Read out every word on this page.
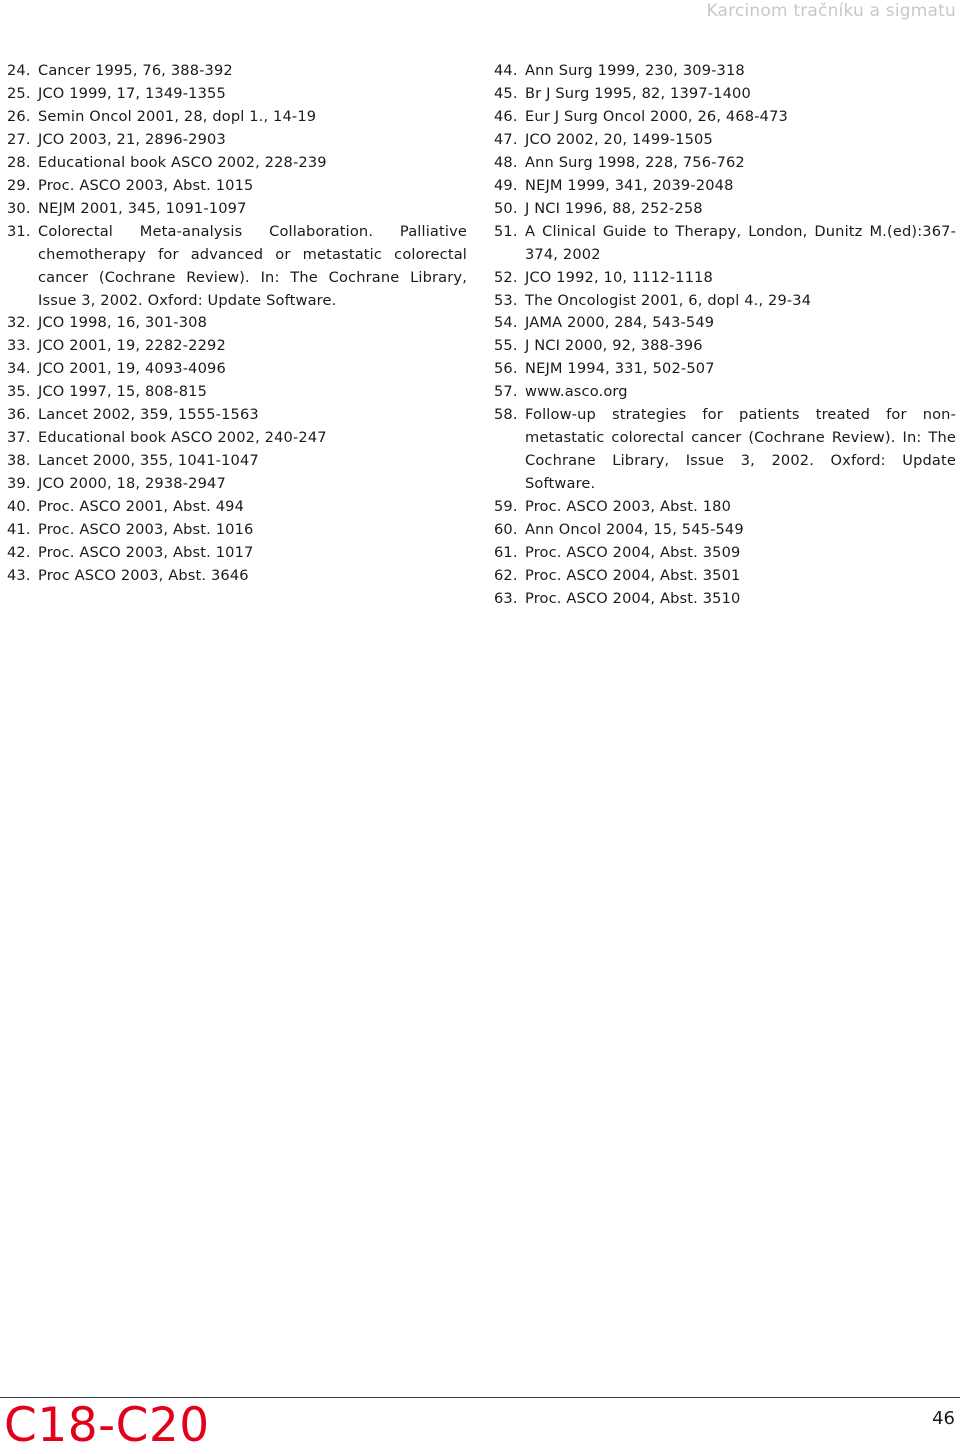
Karcinom tračníku a sigmatu
24. Cancer 1995, 76, 388-392
25. JCO 1999, 17, 1349-1355
26. Semin Oncol 2001, 28, dopl 1., 14-19
27. JCO 2003, 21, 2896-2903
28. Educational book ASCO 2002, 228-239
29. Proc. ASCO 2003, Abst. 1015
30. NEJM 2001, 345, 1091-1097
31. Colorectal Meta-analysis Collaboration. Palliative chemotherapy for advanced or metastatic colorectal cancer (Cochrane Review). In: The Cochrane Library, Issue 3, 2002. Oxford: Update Software.
32. JCO 1998, 16, 301-308
33. JCO 2001, 19, 2282-2292
34. JCO 2001, 19, 4093-4096
35. JCO 1997, 15, 808-815
36. Lancet 2002, 359, 1555-1563
37. Educational book ASCO 2002, 240-247
38. Lancet 2000, 355, 1041-1047
39. JCO 2000, 18, 2938-2947
40. Proc. ASCO 2001, Abst. 494
41. Proc. ASCO 2003, Abst. 1016
42. Proc. ASCO 2003, Abst. 1017
43. Proc ASCO 2003, Abst. 3646
44. Ann Surg 1999, 230, 309-318
45. Br J Surg 1995, 82, 1397-1400
46. Eur J Surg Oncol 2000, 26, 468-473
47. JCO 2002, 20, 1499-1505
48. Ann Surg 1998, 228, 756-762
49. NEJM 1999, 341, 2039-2048
50. J NCI 1996, 88, 252-258
51. A Clinical Guide to Therapy, London, Dunitz M.(ed):367-374, 2002
52. JCO 1992, 10, 1112-1118
53. The Oncologist 2001, 6, dopl 4., 29-34
54. JAMA 2000, 284, 543-549
55. J NCI 2000, 92, 388-396
56. NEJM 1994, 331, 502-507
57. www.asco.org
58. Follow-up strategies for patients treated for non-metastatic colorectal cancer (Cochrane Review). In: The Cochrane Library, Issue 3, 2002. Oxford: Update Software.
59. Proc. ASCO 2003, Abst. 180
60. Ann Oncol 2004, 15, 545-549
61. Proc. ASCO 2004, Abst. 3509
62. Proc. ASCO 2004, Abst. 3501
63. Proc. ASCO 2004, Abst. 3510
C18-C20	46
